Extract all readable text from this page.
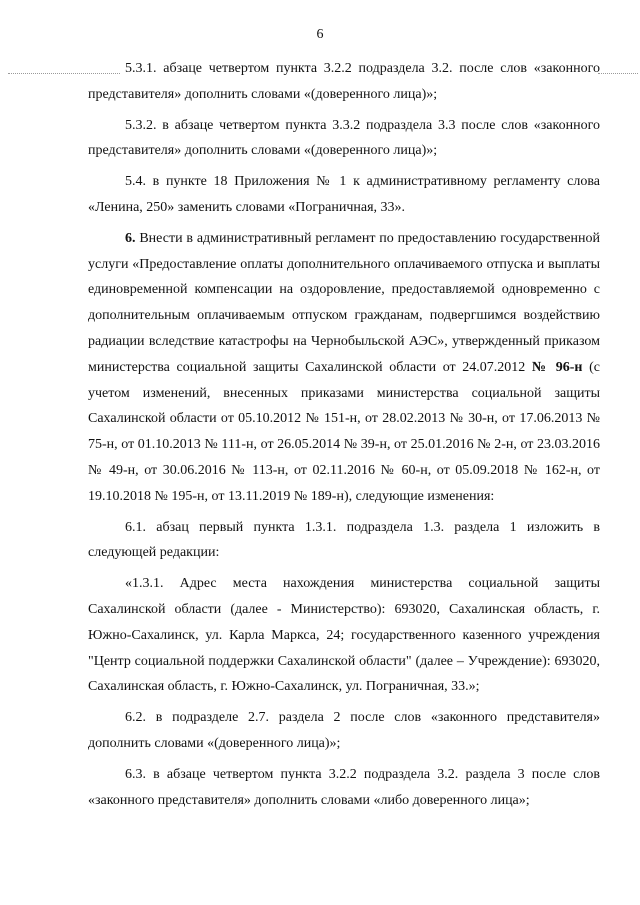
6

5.3.1. абзаце четвертом пункта 3.2.2 подраздела 3.2. после слов «законного представителя» дополнить словами «(доверенного лица)»;

5.3.2. в абзаце четвертом пункта 3.3.2 подраздела 3.3 после слов «законного представителя» дополнить словами «(доверенного лица)»;

5.4. в пункте 18 Приложения № 1 к административному регламенту слова «Ленина, 250» заменить словами «Пограничная, 33».

6. Внести в административный регламент по предоставлению государственной услуги «Предоставление оплаты дополнительного оплачиваемого отпуска и выплаты единовременной компенсации на оздоровление, предоставляемой одновременно с дополнительным оплачиваемым отпуском гражданам, подвергшимся воздействию радиации вследствие катастрофы на Чернобыльской АЭС», утвержденный приказом министерства социальной защиты Сахалинской области от 24.07.2012 № 96-н (с учетом изменений, внесенных приказами министерства социальной защиты Сахалинской области от 05.10.2012 № 151-н, от 28.02.2013 № 30-н, от 17.06.2013 № 75-н, от 01.10.2013 № 111-н, от 26.05.2014 № 39-н, от 25.01.2016 № 2-н, от 23.03.2016 № 49-н, от 30.06.2016 № 113-н, от 02.11.2016 № 60-н, от 05.09.2018 № 162-н, от 19.10.2018 № 195-н, от 13.11.2019 № 189-н), следующие изменения:

6.1. абзац первый пункта 1.3.1. подраздела 1.3. раздела 1 изложить в следующей редакции:

«1.3.1. Адрес места нахождения министерства социальной защиты Сахалинской области (далее - Министерство): 693020, Сахалинская область, г. Южно-Сахалинск, ул. Карла Маркса, 24; государственного казенного учреждения "Центр социальной поддержки Сахалинской области" (далее – Учреждение): 693020, Сахалинская область, г. Южно-Сахалинск, ул. Пограничная, 33.»;

6.2. в подразделе 2.7. раздела 2 после слов «законного представителя» дополнить словами «(доверенного лица)»;

6.3. в абзаце четвертом пункта 3.2.2 подраздела 3.2. раздела 3 после слов «законного представителя» дополнить словами «либо доверенного лица»;
